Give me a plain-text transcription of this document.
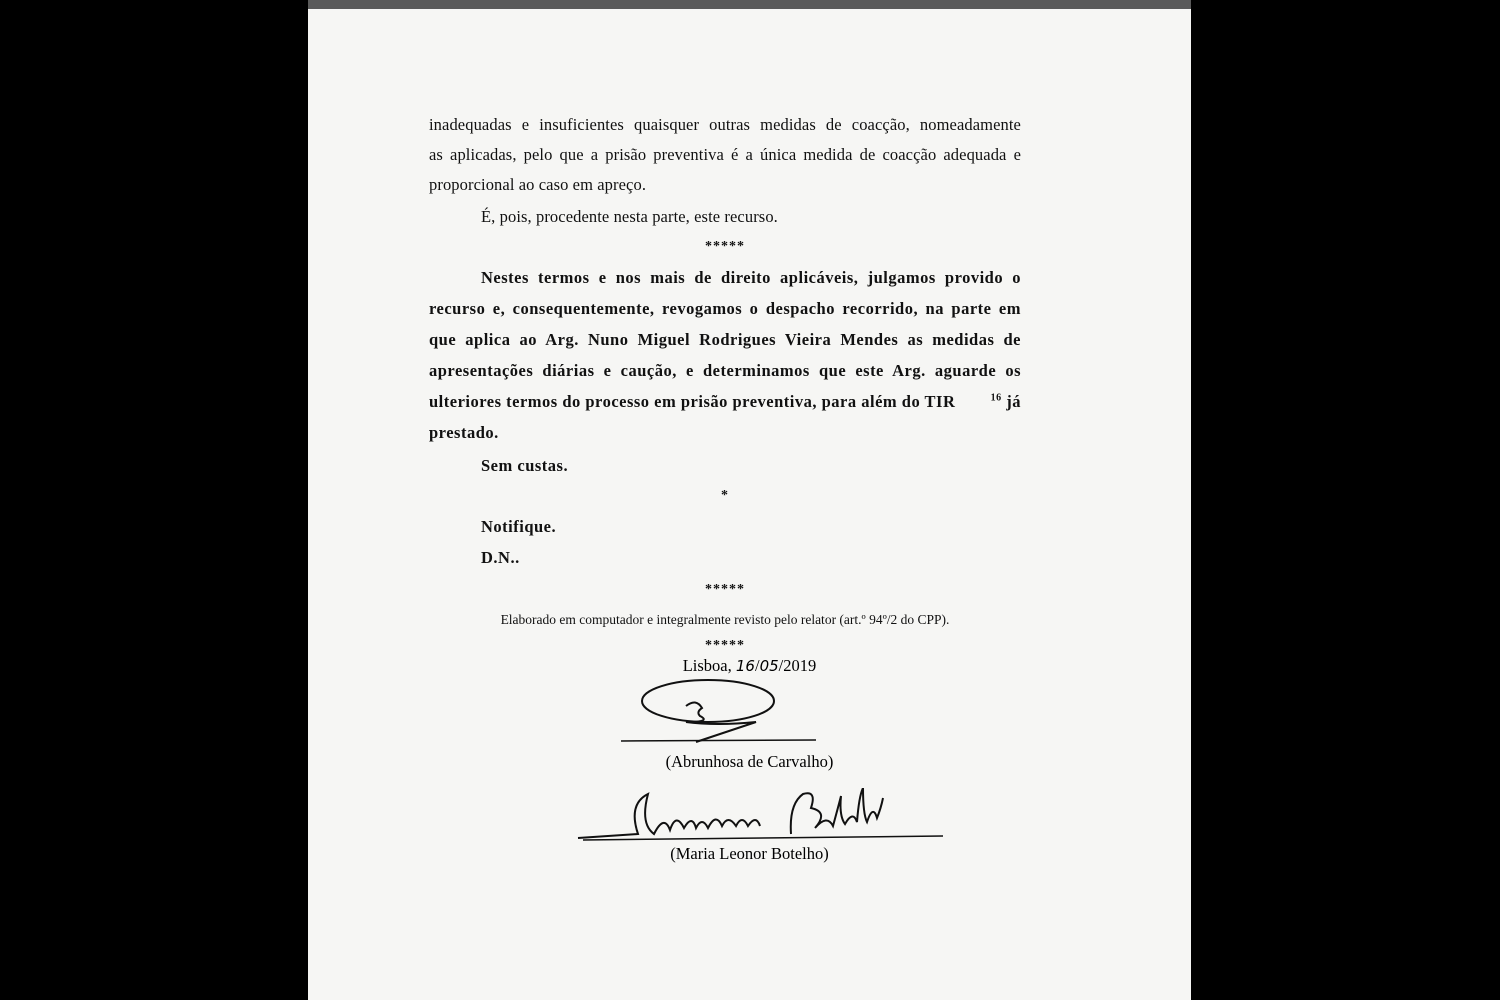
inadequadas e insuficientes quaisquer outras medidas de coacção, nomeadamente
as aplicadas, pelo que a prisão preventiva é a única medida de coacção adequada e
proporcional ao caso em apreço.

É, pois, procedente nesta parte, este recurso.

*****
Nestes termos e nos mais de direito aplicáveis, julgamos provido o
recurso e, consequentemente, revogamos o despacho recorrido, na parte em
que aplica ao Arg. Nuno Miguel Rodrigues Vieira Mendes as medidas de
apresentações diárias e caução, e determinamos que este Arg. aguarde os
ulteriores termos do processo em prisão preventiva, para além do TIR	$^{16}$ já
prestado.
Sem custas.
*
Notifique.
D.N..
*****
Elaborado em computador e integralmente revisto pelo relator (art.º 94º/2 do CPP).
*****
Lisboa, 16/05/2019
(Abrunhosa de Carvalho)
(Maria Leonor Botelho)
